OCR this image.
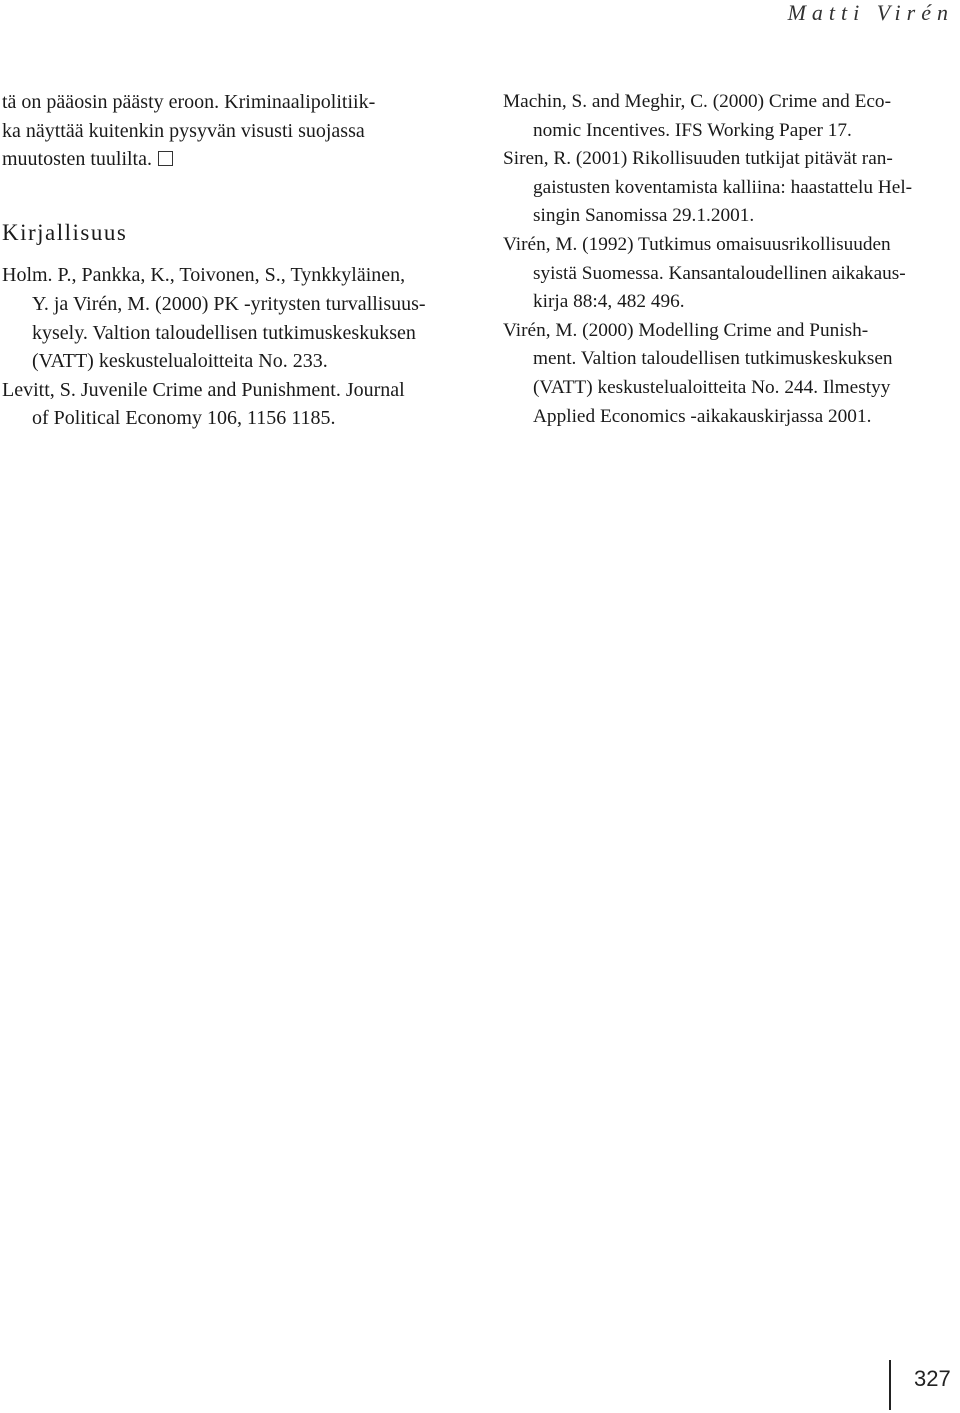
Matti Virén

tä on pääosin päästy eroon. Kriminaalipolitiik-
ka näyttää kuitenkin pysyvän visusti suojassa
muutosten tuulilta.

Kirjallisuus
Holm. P., Pankka, K., Toivonen, S., Tynkkyläinen,
Y. ja Virén, M. (2000) PK -yritysten turvallisuus-
kysely. Valtion taloudellisen tutkimuskeskuksen
(VATT) keskustelualoitteita No. 233.
Levitt, S. Juvenile Crime and Punishment. Journal
of Political Economy 106, 1156 1185.
Machin, S. and Meghir, C. (2000) Crime and Eco-
nomic Incentives. IFS Working Paper 17.
Siren, R. (2001) Rikollisuuden tutkijat pitävät ran-
gaistusten koventamista kalliina: haastattelu Hel-
singin Sanomissa 29.1.2001.
Virén, M. (1992) Tutkimus omaisuusrikollisuuden
syistä Suomessa. Kansantaloudellinen aikakaus-
kirja 88:4, 482 496.
Virén, M. (2000) Modelling Crime and Punish-
ment. Valtion taloudellisen tutkimuskeskuksen
(VATT) keskustelualoitteita No. 244. Ilmestyy
Applied Economics -aikakauskirjassa 2001.
327
